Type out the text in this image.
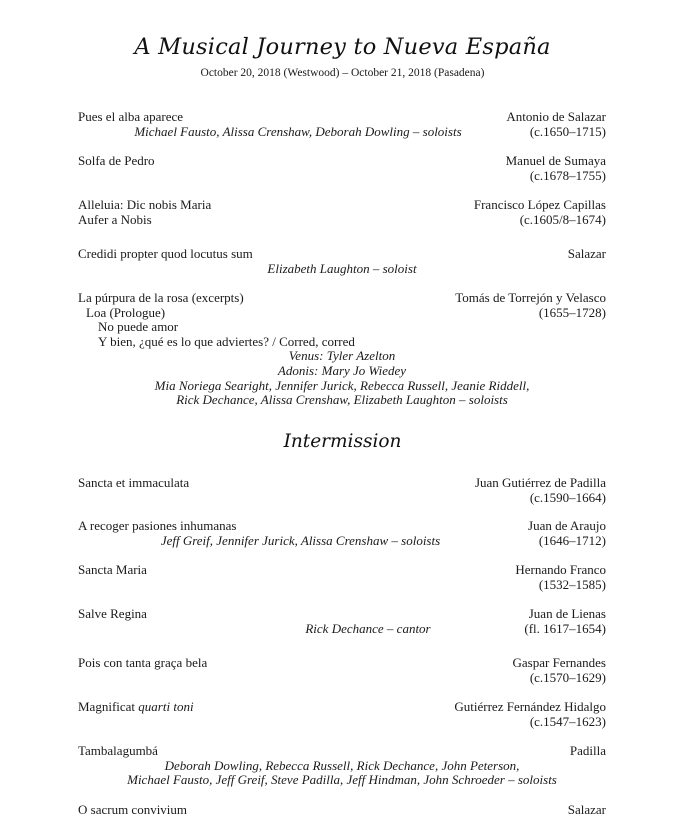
A Musical Journey to Nueva España
October 20, 2018 (Westwood) – October 21, 2018 (Pasadena)
Pues el alba aparece	Antonio de Salazar
(c.1650–1715)
Michael Fausto, Alissa Crenshaw, Deborah Dowling – soloists
Solfa de Pedro	Manuel de Sumaya
(c.1678–1755)
Alleluia: Dic nobis Maria	Francisco López Capillas
Aufer a Nobis	(c.1605/8–1674)
Credidi propter quod locutus sum	Salazar
Elizabeth Laughton – soloist
La púrpura de la rosa (excerpts)	Tomás de Torrejón y Velasco
Loa (Prologue)	(1655–1728)
No puede amor
Y bien, ¿qué es lo que adviertes? / Corred, corred
Venus: Tyler Azelton
Adonis: Mary Jo Wiedey
Mia Noriega Searight, Jennifer Jurick, Rebecca Russell, Jeanie Riddell,
Rick Dechance, Alissa Crenshaw, Elizabeth Laughton – soloists
Intermission
Sancta et immaculata	Juan Gutiérrez de Padilla
(c.1590–1664)
A recoger pasiones inhumanas	Juan de Araujo
(1646–1712)
Jeff Greif, Jennifer Jurick, Alissa Crenshaw – soloists
Sancta Maria	Hernando Franco
(1532–1585)
Salve Regina	Juan de Lienas
(fl. 1617–1654)
Rick Dechance – cantor
Pois con tanta graça bela	Gaspar Fernandes
(c.1570–1629)
Magnificat quarti toni	Gutiérrez Fernández Hidalgo
(c.1547–1623)
Tambalagumbá	Padilla
Deborah Dowling, Rebecca Russell, Rick Dechance, John Peterson,
Michael Fausto, Jeff Greif, Steve Padilla, Jeff Hindman, John Schroeder – soloists
O sacrum convivium	Salazar
